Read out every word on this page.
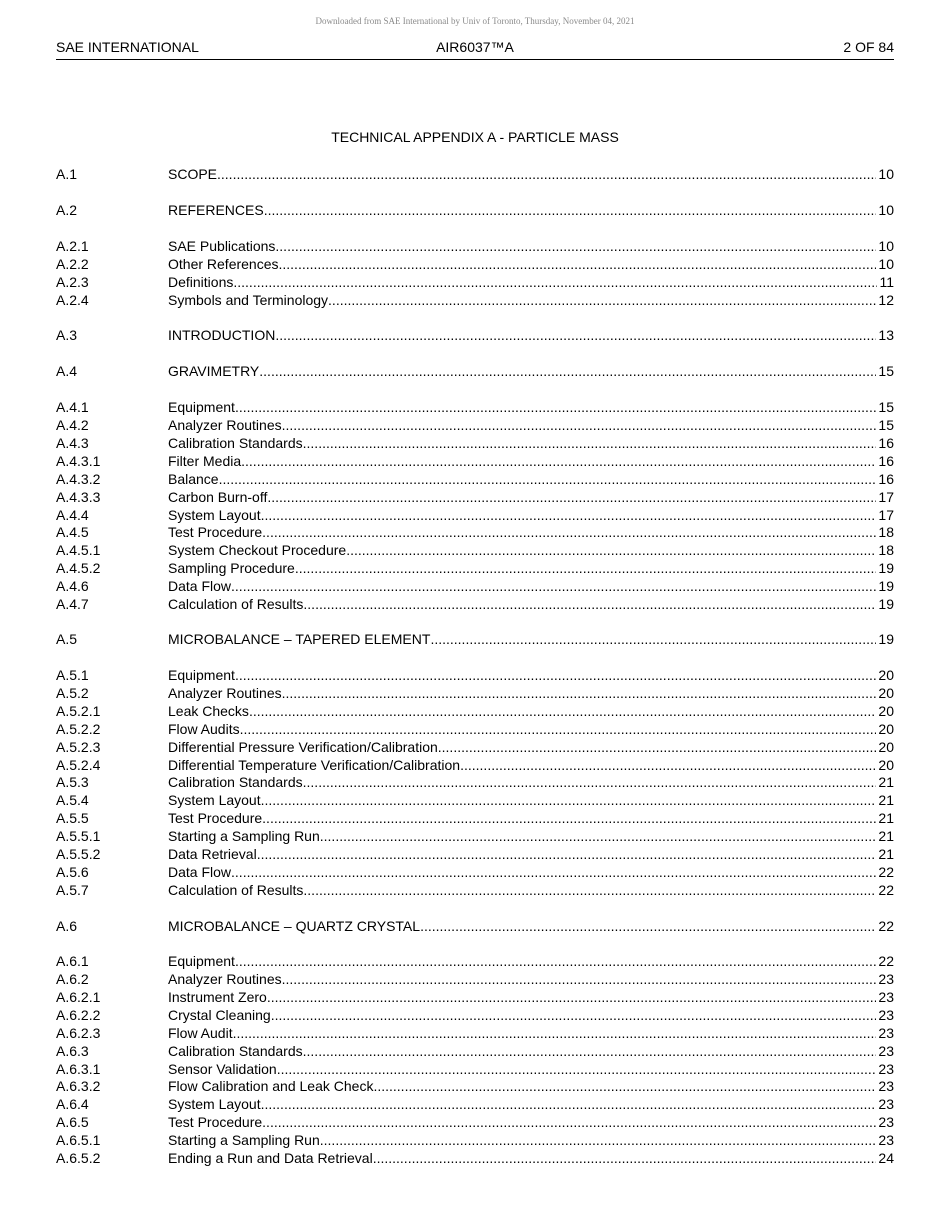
Downloaded from SAE International by Univ of Toronto, Thursday, November 04, 2021
SAE INTERNATIONAL	AIR6037™A	2 OF 84
TECHNICAL APPENDIX A - PARTICLE MASS
A.1	SCOPE .....	10
A.2	REFERENCES .....	10
A.2.1	SAE Publications .....	10
A.2.2	Other References .....	10
A.2.3	Definitions .....	11
A.2.4	Symbols and Terminology .....	12
A.3	INTRODUCTION .....	13
A.4	GRAVIMETRY .....	15
A.4.1	Equipment .....	15
A.4.2	Analyzer Routines .....	15
A.4.3	Calibration Standards .....	16
A.4.3.1	Filter Media .....	16
A.4.3.2	Balance .....	16
A.4.3.3	Carbon Burn-off .....	17
A.4.4	System Layout .....	17
A.4.5	Test Procedure .....	18
A.4.5.1	System Checkout Procedure .....	18
A.4.5.2	Sampling Procedure .....	19
A.4.6	Data Flow .....	19
A.4.7	Calculation of Results .....	19
A.5	MICROBALANCE – TAPERED ELEMENT .....	19
A.5.1	Equipment .....	20
A.5.2	Analyzer Routines .....	20
A.5.2.1	Leak Checks .....	20
A.5.2.2	Flow Audits .....	20
A.5.2.3	Differential Pressure Verification/Calibration .....	20
A.5.2.4	Differential Temperature Verification/Calibration .....	20
A.5.3	Calibration Standards .....	21
A.5.4	System Layout .....	21
A.5.5	Test Procedure .....	21
A.5.5.1	Starting a Sampling Run .....	21
A.5.5.2	Data Retrieval .....	21
A.5.6	Data Flow .....	22
A.5.7	Calculation of Results .....	22
A.6	MICROBALANCE – QUARTZ CRYSTAL .....	22
A.6.1	Equipment .....	22
A.6.2	Analyzer Routines .....	23
A.6.2.1	Instrument Zero .....	23
A.6.2.2	Crystal Cleaning .....	23
A.6.2.3	Flow Audit .....	23
A.6.3	Calibration Standards .....	23
A.6.3.1	Sensor Validation .....	23
A.6.3.2	Flow Calibration and Leak Check .....	23
A.6.4	System Layout .....	23
A.6.5	Test Procedure .....	23
A.6.5.1	Starting a Sampling Run .....	23
A.6.5.2	Ending a Run and Data Retrieval .....	24
